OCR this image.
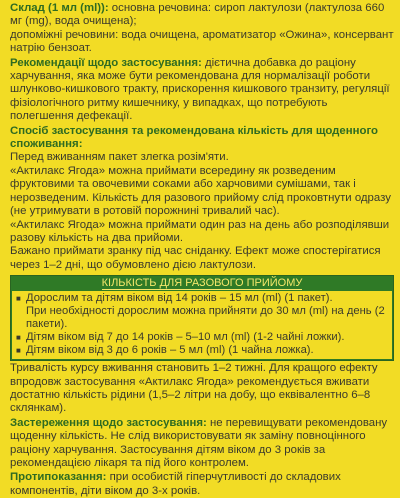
Склад (1 мл (ml)): основна речовина: сироп лактулози (лактулоза 660 мг (mg), вода очищена);
допоміжні речовини: вода очищена, ароматизатор «Ожина», консервант натрію бензоат.

Рекомендації щодо застосування: дієтична добавка до раціону харчування, яка може бути рекомендована для нормалізації роботи шлунково-кишкового тракту, прискорення кишкового транзиту, регуляції фізіологічного ритму кишечнику, у випадках, що потребують полегшення дефекації.

Спосіб застосування та рекомендована кількість для щоденного споживання:

Перед вживанням пакет злегка розім'яти.

«Актилакс Ягода» можна приймати всередину як розведеним фруктовими та овочевими соками або харчовими сумішами, так і нерозведеним. Кількість для разового прийому слід проковтнути одразу (не утримувати в ротовій порожнині тривалий час).

«Актилакс Ягода» можна приймати один раз на день або розподілявши разову кількість на два прийоми.

Бажано приймати зранку під час сніданку. Ефект може спостерігатися через 1–2 дні, що обумовлено дією лактулози.

КІЛЬКІСТЬ ДЛЯ РАЗОВОГО ПРИЙОМУ
■ Дорослим та дітям віком від 14 років – 15 мл (ml) (1 пакет).
При необхідності дорослим можна прийняти до 30 мл (ml) на день (2 пакети).
■ Дітям віком від 7 до 14 років – 5–10 мл (ml) (1-2 чайні ложки).
■ Дітям віком від 3 до 6 років – 5 мл (ml) (1 чайна ложка).

Тривалість курсу вживання становить 1–2 тижні. Для кращого ефекту впродовж застосування «Актилакс Ягода» рекомендується вживати достатню кількість рідини (1,5–2 літри на добу, що еквівалентно 6–8 склянкам).

Застереження щодо застосування: не перевищувати рекомендовану щоденну кількість. Не слід використовувати як заміну повноцінного раціону харчування. Застосування дітям віком до 3 років за рекомендацією лікаря та під його контролем.

Протипоказання: при особистій гіперчутливості до складових компонентів, діти віком до 3-х років.
